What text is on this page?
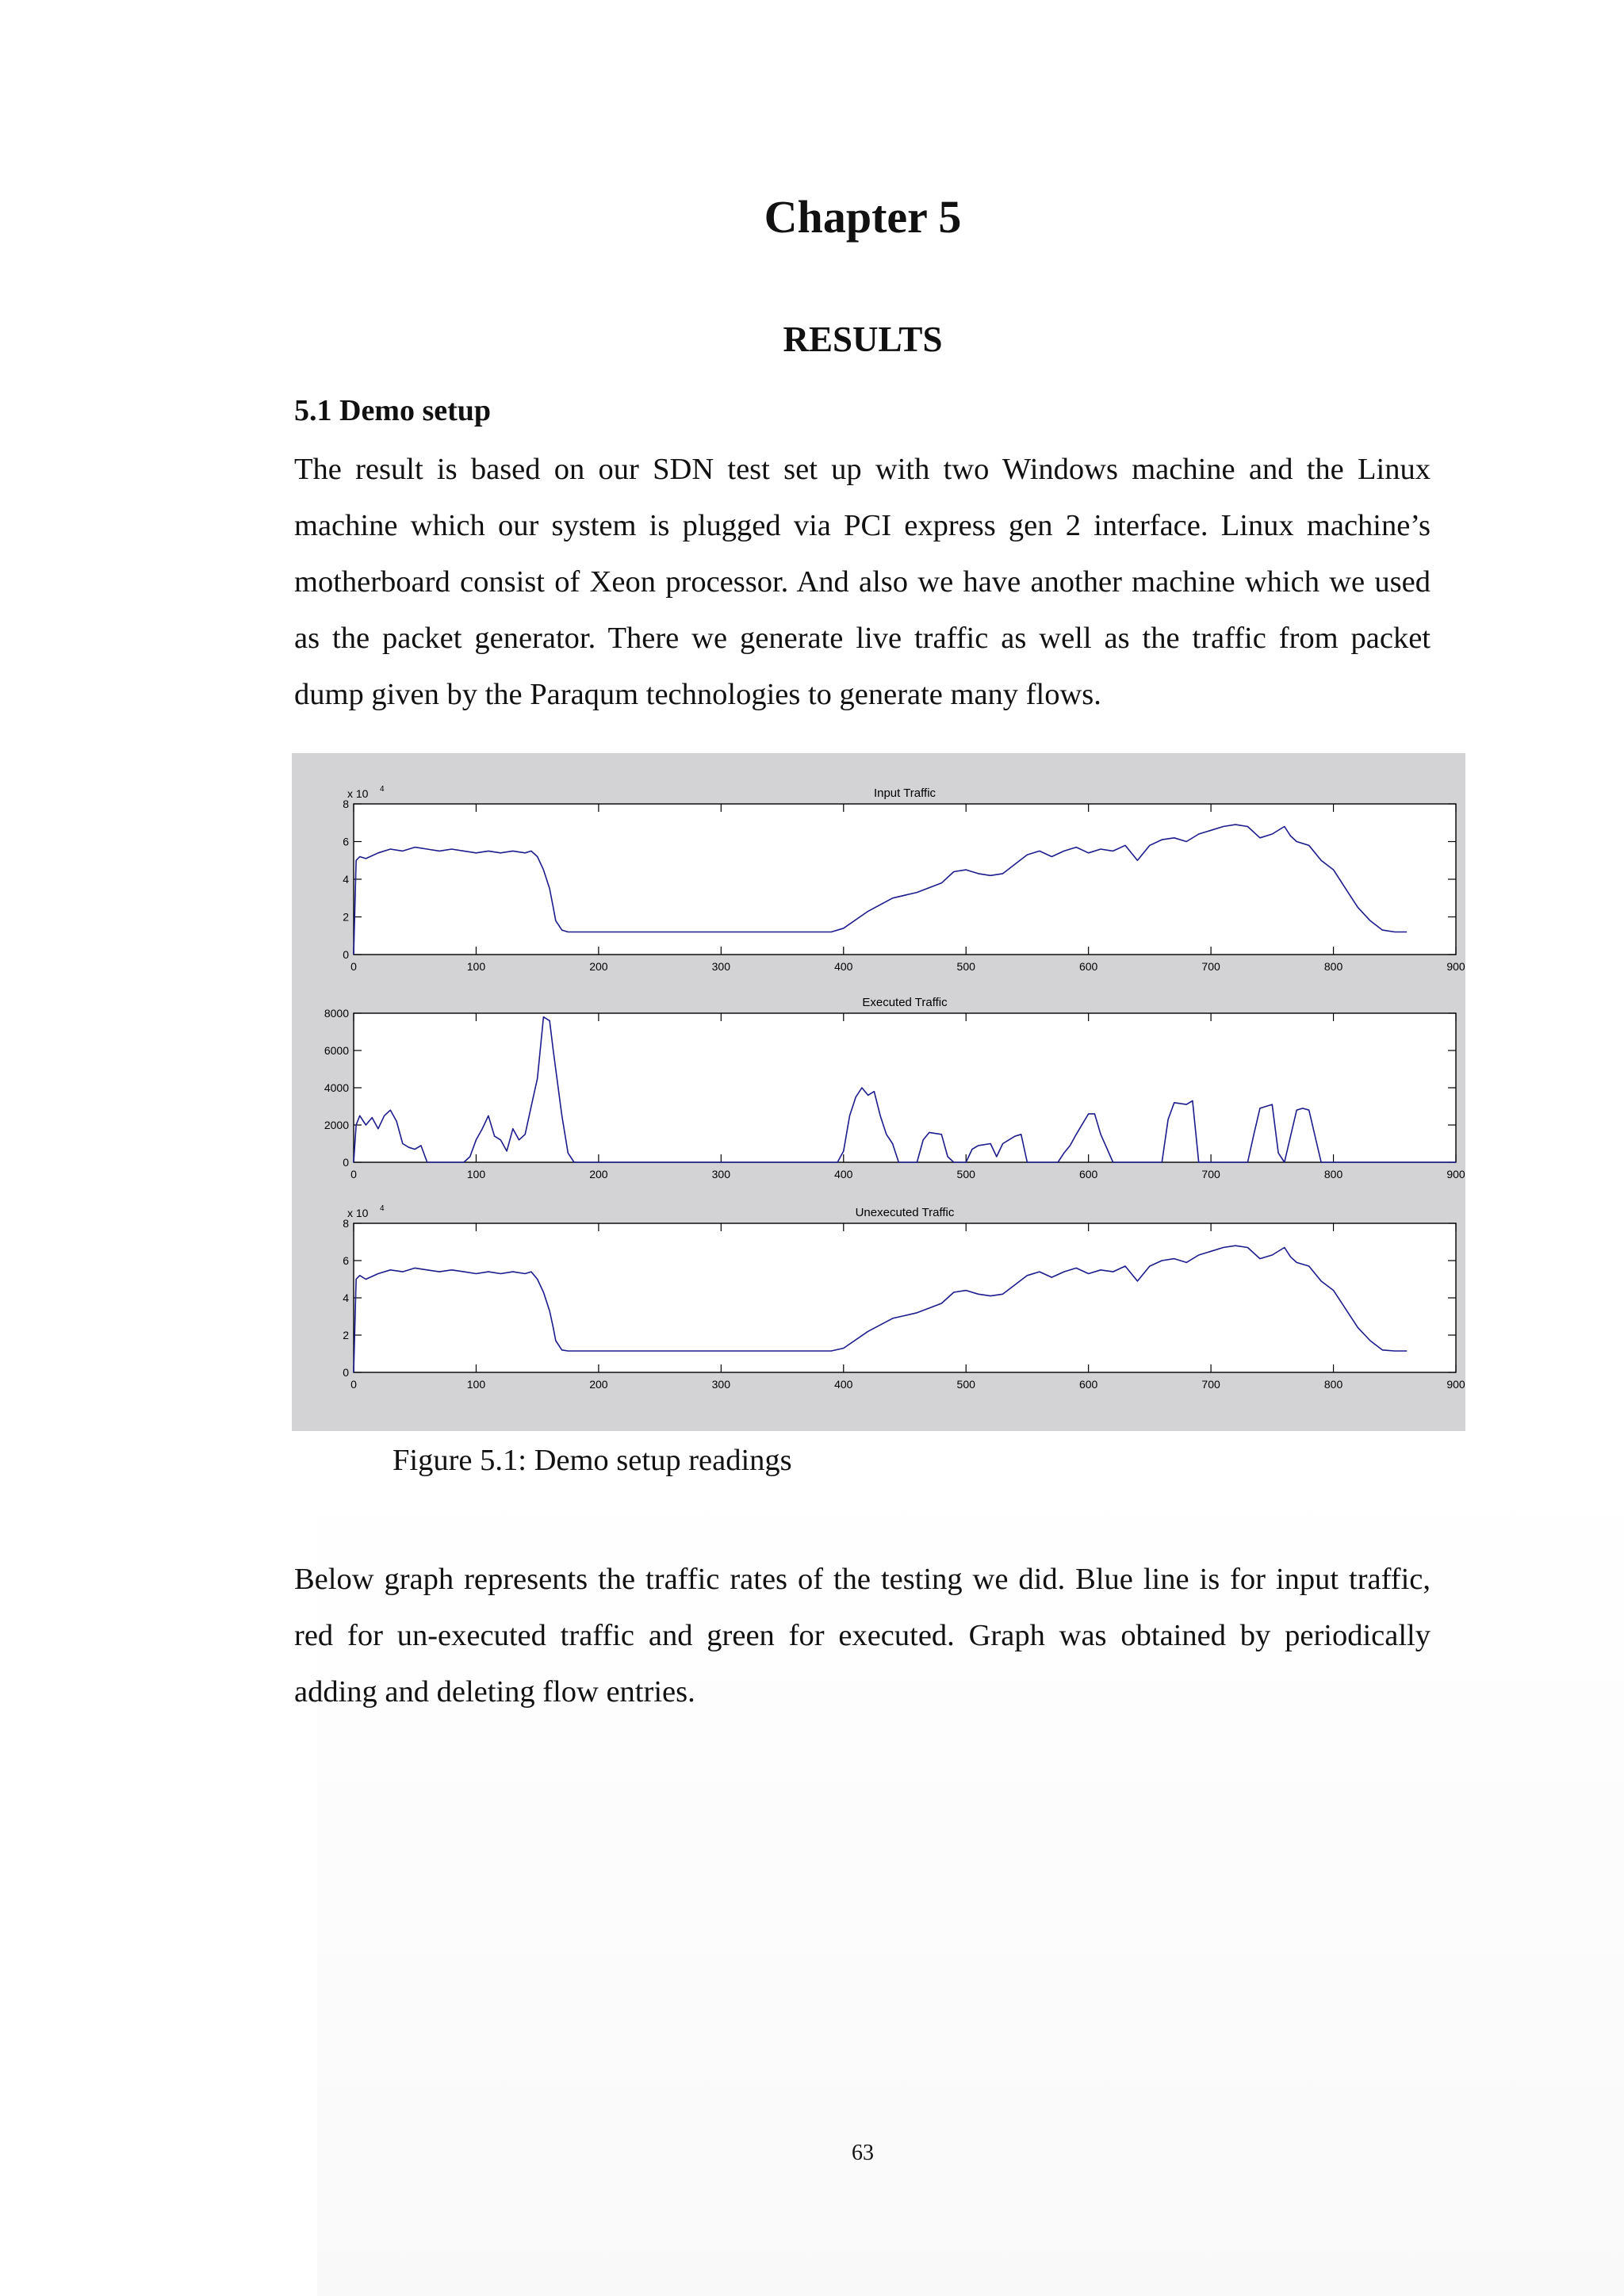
Chapter 5
RESULTS
5.1 Demo setup

The result is based on our SDN test set up with two Windows machine and the Linux machine which our system is plugged via PCI express gen 2 interface. Linux machine’s motherboard consist of Xeon processor. And also we have another machine which we used as the packet generator. There we generate live traffic as well as the traffic from packet dump given by the Paraqum technologies to generate many flows.

Input Traffic
0	100	200	300	400	500	600	700	800	900
0
2
4
6
8
x 10 4
Executed Traffic
0	100	200	300	400	500	600	700	800	900
0
2000
4000
6000
8000
Unexecuted Traffic
0	100	200	300	400	500	600	700	800	900
0
2
4
6
8
x 10 4

Figure 5.1: Demo setup readings

Below graph represents the traffic rates of the testing we did. Blue line is for input traffic, red for un-executed traffic and green for executed. Graph was obtained by periodically adding and deleting flow entries.

63
